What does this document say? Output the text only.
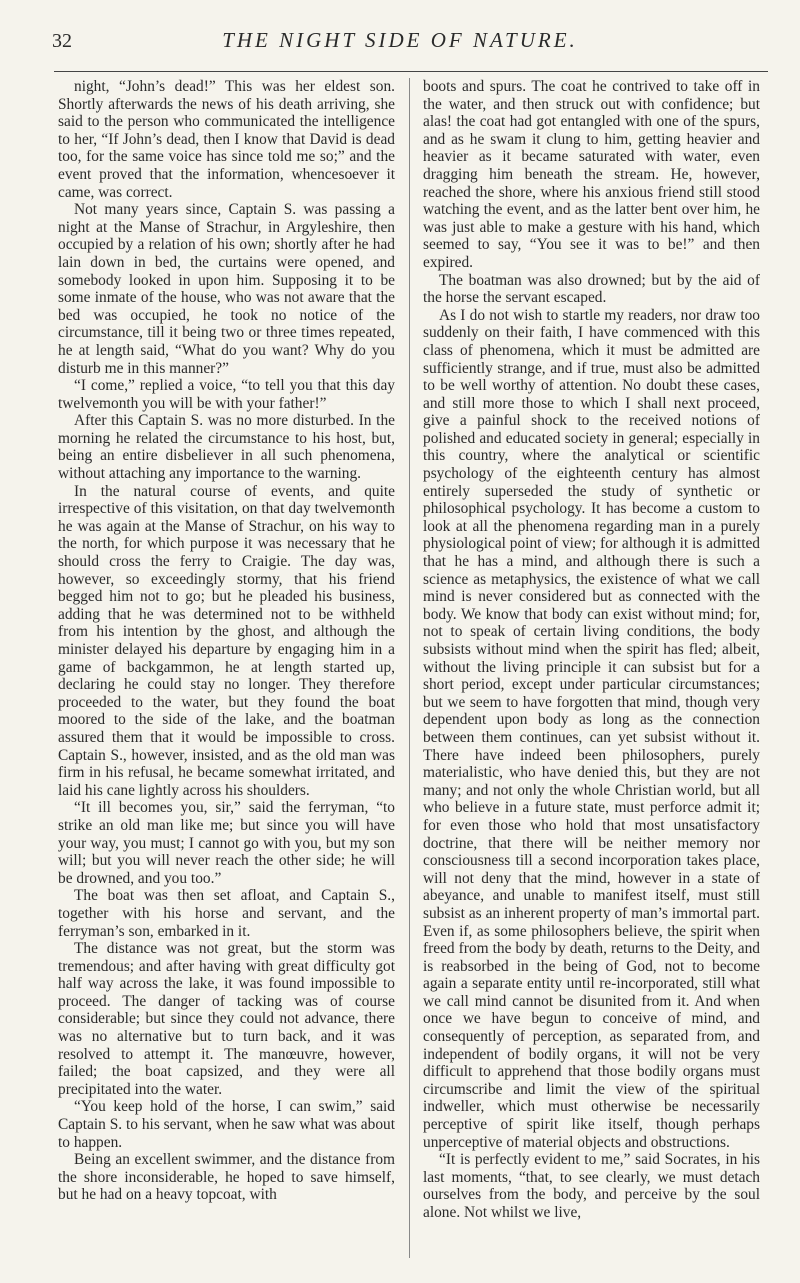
32	THE NIGHT SIDE OF NATURE.

night, “John’s dead!” This was her eldest son. Shortly afterwards the news of his death arriving, she said to the person who communicated the intelligence to her, “If John’s dead, then I know that David is dead too, for the same voice has since told me so;” and the event proved that the information, whencesoever it came, was correct.

Not many years since, Captain S. was passing a night at the Manse of Strachur, in Argyleshire, then occupied by a relation of his own; shortly after he had lain down in bed, the curtains were opened, and somebody looked in upon him. Supposing it to be some inmate of the house, who was not aware that the bed was occupied, he took no notice of the circumstance, till it being two or three times repeated, he at length said, “What do you want? Why do you disturb me in this manner?”

“I come,” replied a voice, “to tell you that this day twelvemonth you will be with your father!”

After this Captain S. was no more disturbed. In the morning he related the circumstance to his host, but, being an entire disbeliever in all such phenomena, without attaching any importance to the warning.

In the natural course of events, and quite irrespective of this visitation, on that day twelvemonth he was again at the Manse of Strachur, on his way to the north, for which purpose it was necessary that he should cross the ferry to Craigie. The day was, however, so exceedingly stormy, that his friend begged him not to go; but he pleaded his business, adding that he was determined not to be withheld from his intention by the ghost, and although the minister delayed his departure by engaging him in a game of backgammon, he at length started up, declaring he could stay no longer. They therefore proceeded to the water, but they found the boat moored to the side of the lake, and the boatman assured them that it would be impossible to cross. Captain S., however, insisted, and as the old man was firm in his refusal, he became somewhat irritated, and laid his cane lightly across his shoulders.

“It ill becomes you, sir,” said the ferryman, “to strike an old man like me; but since you will have your way, you must; I cannot go with you, but my son will; but you will never reach the other side; he will be drowned, and you too.”

The boat was then set afloat, and Captain S., together with his horse and servant, and the ferryman’s son, embarked in it.

The distance was not great, but the storm was tremendous; and after having with great difficulty got half way across the lake, it was found impossible to proceed. The danger of tacking was of course considerable; but since they could not advance, there was no alternative but to turn back, and it was resolved to attempt it. The manœuvre, however, failed; the boat capsized, and they were all precipitated into the water.

“You keep hold of the horse, I can swim,” said Captain S. to his servant, when he saw what was about to happen.

Being an excellent swimmer, and the distance from the shore inconsiderable, he hoped to save himself, but he had on a heavy topcoat, with

boots and spurs. The coat he contrived to take off in the water, and then struck out with confidence; but alas! the coat had got entangled with one of the spurs, and as he swam it clung to him, getting heavier and heavier as it became saturated with water, even dragging him beneath the stream. He, however, reached the shore, where his anxious friend still stood watching the event, and as the latter bent over him, he was just able to make a gesture with his hand, which seemed to say, “You see it was to be!” and then expired.

The boatman was also drowned; but by the aid of the horse the servant escaped.

As I do not wish to startle my readers, nor draw too suddenly on their faith, I have commenced with this class of phenomena, which it must be admitted are sufficiently strange, and if true, must also be admitted to be well worthy of attention. No doubt these cases, and still more those to which I shall next proceed, give a painful shock to the received notions of polished and educated society in general; especially in this country, where the analytical or scientific psychology of the eighteenth century has almost entirely superseded the study of synthetic or philosophical psychology. It has become a custom to look at all the phenomena regarding man in a purely physiological point of view; for although it is admitted that he has a mind, and although there is such a science as metaphysics, the existence of what we call mind is never considered but as connected with the body. We know that body can exist without mind; for, not to speak of certain living conditions, the body subsists without mind when the spirit has fled; albeit, without the living principle it can subsist but for a short period, except under particular circumstances; but we seem to have forgotten that mind, though very dependent upon body as long as the connection between them continues, can yet subsist without it. There have indeed been philosophers, purely materialistic, who have denied this, but they are not many; and not only the whole Christian world, but all who believe in a future state, must perforce admit it; for even those who hold that most unsatisfactory doctrine, that there will be neither memory nor consciousness till a second incorporation takes place, will not deny that the mind, however in a state of abeyance, and unable to manifest itself, must still subsist as an inherent property of man’s immortal part. Even if, as some philosophers believe, the spirit when freed from the body by death, returns to the Deity, and is reabsorbed in the being of God, not to become again a separate entity until re-incorporated, still what we call mind cannot be disunited from it. And when once we have begun to conceive of mind, and consequently of perception, as separated from, and independent of bodily organs, it will not be very difficult to apprehend that those bodily organs must circumscribe and limit the view of the spiritual indweller, which must otherwise be necessarily perceptive of spirit like itself, though perhaps unperceptive of material objects and obstructions.

“It is perfectly evident to me,” said Socrates, in his last moments, “that, to see clearly, we must detach ourselves from the body, and perceive by the soul alone. Not whilst we live,
